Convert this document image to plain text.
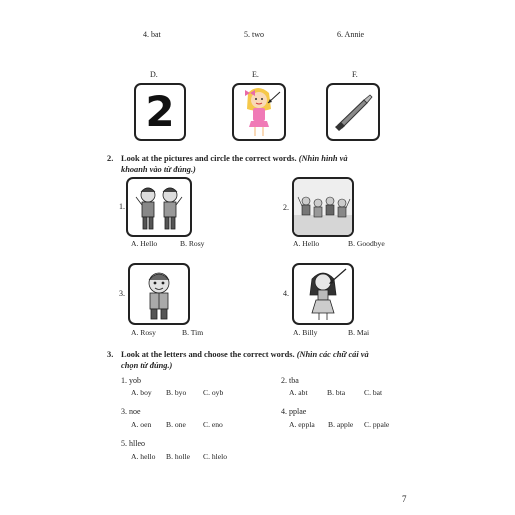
4. bat	5. two	6. Annie
D.	E.	F.
2
2. Look at the pictures and circle the correct words. (Nhìn hình và
khoanh vào từ đúng.)
1.
A. Hello	B. Rosy
2.
A. Hello	B. Goodbye
3.
A. Rosy	B. Tim
4.
A. Billy	B. Mai
3. Look at the letters and choose the correct words. (Nhìn các chữ cái và
chọn từ đúng.)
1. yob
A. boy B. byo C. oyb
2. tba
A. abt	B. bta C. bat
3. noe
A. oen B. one C. eno
4. pplae
A. eppla B. apple C. ppale
5. hlleo
A. hello B. holle C. hlelo
7
